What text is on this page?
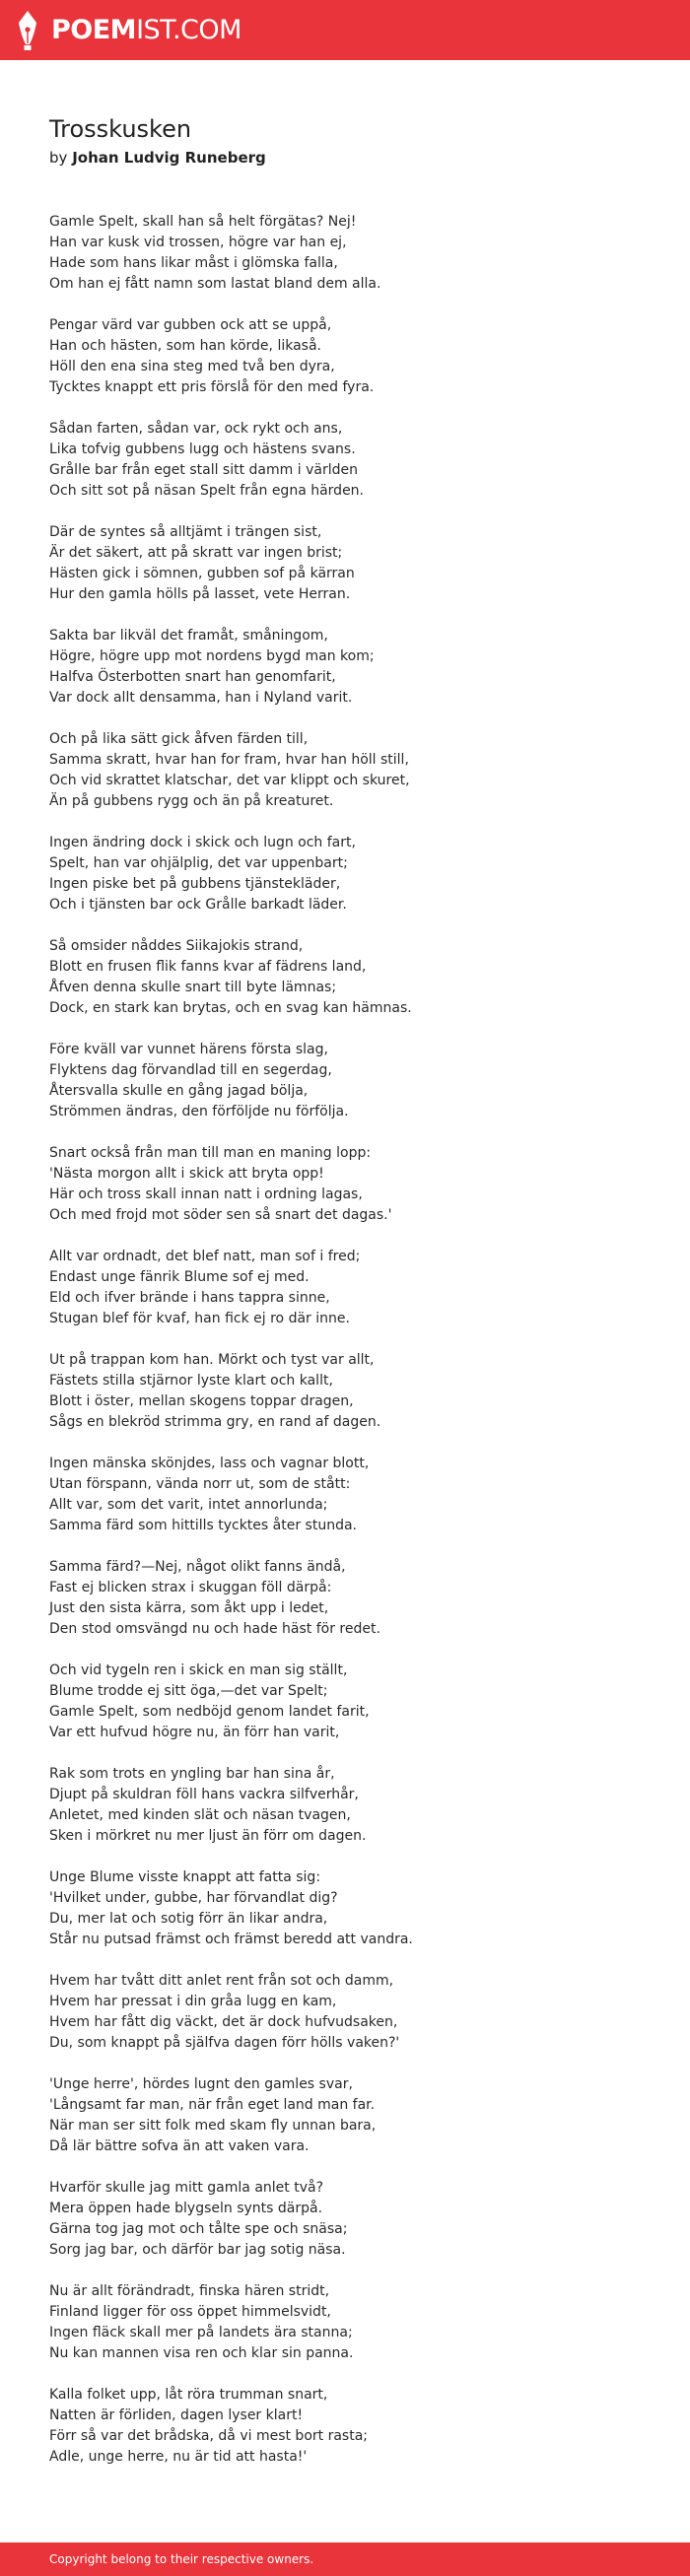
POEMIST.COM
Trosskusken
by Johan Ludvig Runeberg

Gamle Spelt, skall han så helt förgätas? Nej!
Han var kusk vid trossen, högre var han ej,
Hade som hans likar måst i glömska falla,
Om han ej fått namn som lastat bland dem alla.

Pengar värd var gubben ock att se uppå,
Han och hästen, som han körde, likaså.
Höll den ena sina steg med två ben dyra,
Tycktes knappt ett pris förslå för den med fyra.

Sådan farten, sådan var, ock rykt och ans,
Lika tofvig gubbens lugg och hästens svans.
Grålle bar från eget stall sitt damm i världen
Och sitt sot på näsan Spelt från egna härden.

Där de syntes så alltjämt i trängen sist,
Är det säkert, att på skratt var ingen brist;
Hästen gick i sömnen, gubben sof på kärran
Hur den gamla hölls på lasset, vete Herran.

Sakta bar likväl det framåt, småningom,
Högre, högre upp mot nordens bygd man kom;
Halfva Österbotten snart han genomfarit,
Var dock allt densamma, han i Nyland varit.

Och på lika sätt gick åfven färden till,
Samma skratt, hvar han for fram, hvar han höll still,
Och vid skrattet klatschar, det var klippt och skuret,
Än på gubbens rygg och än på kreaturet.

Ingen ändring dock i skick och lugn och fart,
Spelt, han var ohjälplig, det var uppenbart;
Ingen piske bet på gubbens tjänstekläder,
Och i tjänsten bar ock Grålle barkadt läder.

Så omsider nåddes Siikajokis strand,
Blott en frusen flik fanns kvar af fädrens land,
Åfven denna skulle snart till byte lämnas;
Dock, en stark kan brytas, och en svag kan hämnas.

Förе kväll var vunnet härens första slag,
Flyktens dag förvandlad till en segerdag,
Återsvalla skulle en gång jagad bölja,
Strömmen ändras, den förföljde nu förfölja.

Snart också från man till man en maning lopp:
'Nästa morgon allt i skick att bryta opp!
Här och tross skall innan natt i ordning lagas,
Och med frojd mot söder sen så snart det dagas.'

Allt var ordnadt, det blef natt, man sof i fred;
Endast unge fänrik Blume sof ej med.
Eld och ifver brände i hans tappra sinne,
Stugan blef för kvaf, han fick ej ro där inne.

Ut på trappan kom han. Mörkt och tyst var allt,
Fästets stilla stjärnor lyste klart och kallt,
Blott i öster, mellan skogens toppar dragen,
Sågs en blekröd strimma gry, en rand af dagen.

Ingen mänska skönjdes, lass och vagnar blott,
Utan förspann, vända norr ut, som de stått:
Allt var, som det varit, intet annorlunda;
Samma färd som hittills tycktes åter stunda.

Samma färd?—Nej, något olikt fanns ändå,
Fast ej blicken strax i skuggan föll därpå:
Just den sista kärra, som åkt upp i ledet,
Den stod omsvängd nu och hade häst för redet.

Och vid tygeln ren i skick en man sig ställt,
Blume trodde ej sitt öga,—det var Spelt;
Gamle Spelt, som nedböjd genom landet farit,
Var ett hufvud högre nu, än förr han varit,

Rak som trots en yngling bar han sina år,
Djupt på skuldran föll hans vackra silfverhår,
Anletet, med kinden slät och näsan tvagen,
Sken i mörkret nu mer ljust än förr om dagen.

Unge Blume visste knappt att fatta sig:
'Hvilket under, gubbe, har förvandlat dig?
Du, mer lat och sotig förr än likar andra,
Står nu putsad främst och främst beredd att vandra.

Hvem har tvått ditt anlet rent från sot och damm,
Hvem har pressat i din gråa lugg en kam,
Hvem har fått dig väckt, det är dock hufvudsaken,
Du, som knappt på själfva dagen förr hölls vaken?'

'Unge herre', hördes lugnt den gamles svar,
'Långsamt far man, när från eget land man far.
När man ser sitt folk med skam fly unnan bara,
Då lär bättre sofva än att vaken vara.

Hvarför skulle jag mitt gamla anlet två?
Mera öppen hade blygseln synts därpå.
Gärna tog jag mot och tålte spe och snäsa;
Sorg jag bar, och därför bar jag sotig näsa.

Nu är allt förändradt, finska hären stridt,
Finland ligger för oss öppet himmelsvidt,
Ingen fläck skall mer på landets ära stanna;
Nu kan mannen visa ren och klar sin panna.

Kalla folket upp, låt röra trumman snart,
Natten är förliden, dagen lyser klart!
Förr så var det brådska, då vi mest bort rasta;
Adle, unge herre, nu är tid att hasta!'

Copyright belong to their respective owners.
